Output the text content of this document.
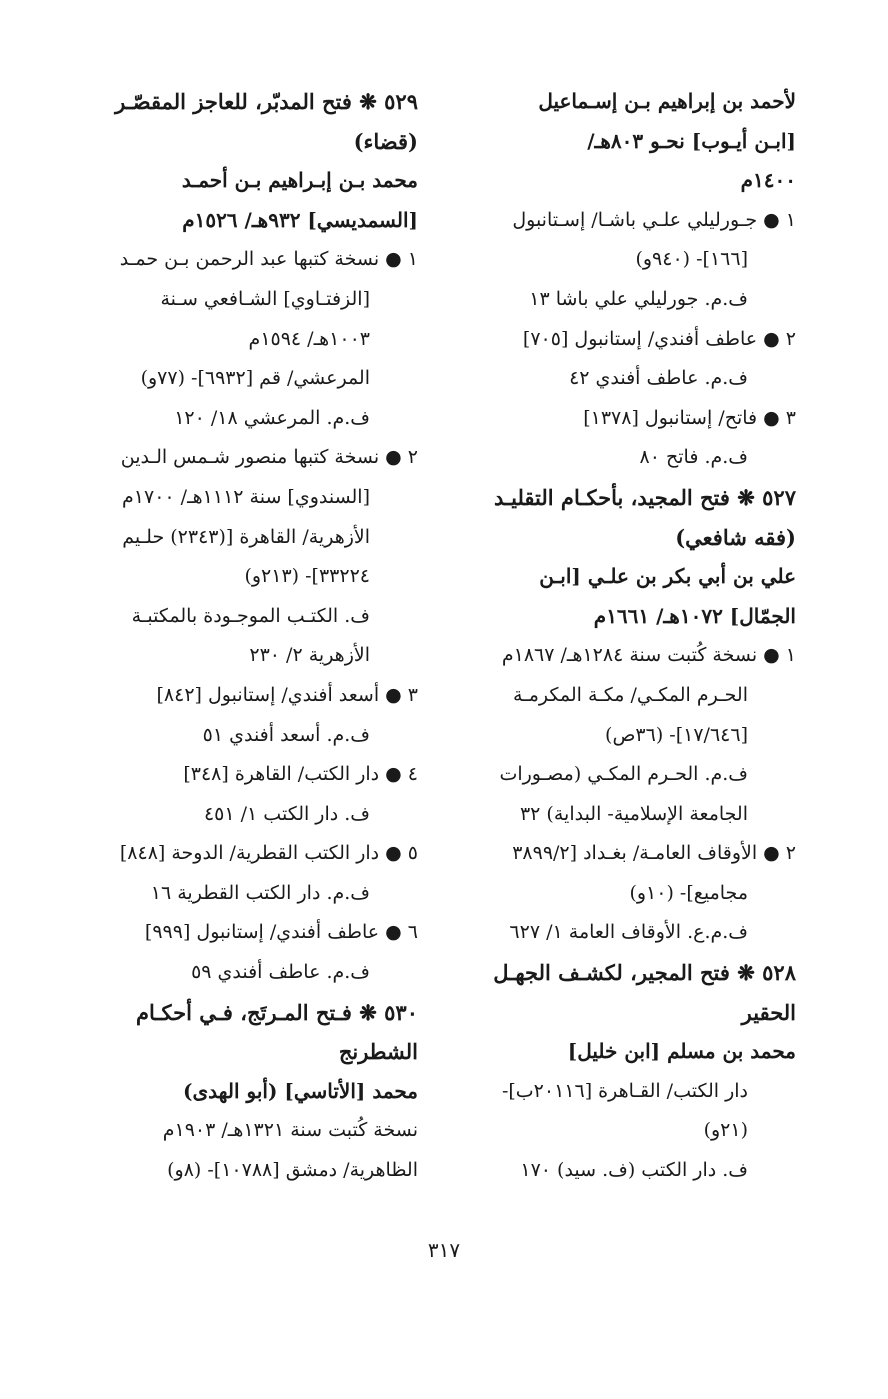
لأحمد بن إبراهيم بـن إسـماعيل
[ابـن أيـوب] نحـو ٨٠٣هـ/
١٤٠٠م
١ ● جـورليلي علـي باشـا/ إسـتانبول
[١٦٦]- (٩٤٠و)
ف.م. جورليلي علي باشا ١٣
٢ ● عاطف أفندي/ إستانبول [٧٠٥]
ف.م. عاطف أفندي ٤٢
٣ ● فاتح/ إستانبول [١٣٧٨]
ف.م. فاتح ٨٠
٥٢٧ ❋ فتح المجيد، بأحكـام التقليـد
(فقه شافعي)
علي بن أبي بكر بن علـي [ابـن
الجمّال] ١٠٧٢هـ/ ١٦٦١م
١ ● نسخة كُتبت سنة ١٢٨٤هـ/ ١٨٦٧م
الحـرم المكـي/ مكـة المكرمـة
[١٧/٦٤٦]- (٣٦ص)
ف.م. الحـرم المكـي (مصـورات
الجامعة الإسلامية- البداية) ٣٢
٢ ● الأوقاف العامـة/ بغـداد [٣٨٩٩/٢
مجاميع]- (١٠و)
ف.م.ع. الأوقاف العامة ١/ ٦٢٧
٥٢٨ ❋ فتح المجير، لكشـف الجهـل
الحقير
محمد بن مسلم [ابن خليل]
دار الكتب/ القـاهرة [٢٠١١٦ب]-
(٢١و)
ف. دار الكتب (ف. سيد) ١٧٠
٥٢٩ ❋ فتح المدبّر، للعاجز المقصّـر
(قضاء)
محمد بـن إبـراهيم بـن أحمـد
[السمديسي] ٩٣٢هـ/ ١٥٢٦م
١ ● نسخة كتبها عبد الرحمن بـن حمـد
[الزفتـاوي] الشـافعي سـنة
١٠٠٣هـ/ ١٥٩٤م
المرعشي/ قم [٦٩٣٢]- (٧٧و)
ف.م. المرعشي ١٨/ ١٢٠
٢ ● نسخة كتبها منصور شـمس الـدين
[السندوي] سنة ١١١٢هـ/ ١٧٠٠م
الأزهرية/ القاهرة [(٢٣٤٣) حلـيم
٣٣٢٢٤]- (٢١٣و)
ف. الكتـب الموجـودة بالمكتبـة
الأزهرية ٢/ ٢٣٠
٣ ● أسعد أفندي/ إستانبول [٨٤٢]
ف.م. أسعد أفندي ٥١
٤ ● دار الكتب/ القاهرة [٣٤٨]
ف. دار الكتب ١/ ٤٥١
٥ ● دار الكتب القطرية/ الدوحة [٨٤٨]
ف.م. دار الكتب القطرية ١٦
٦ ● عاطف أفندي/ إستانبول [٩٩٩]
ف.م. عاطف أفندي ٥٩
٥٣٠ ❋ فـتح المـرتَج، فـي أحكـام
الشطرنج
محمد [الأتاسي] (أبو الهدى)
نسخة كُتبت سنة ١٣٢١هـ/ ١٩٠٣م
الظاهرية/ دمشق [١٠٧٨٨]- (٨و)
٣١٧
